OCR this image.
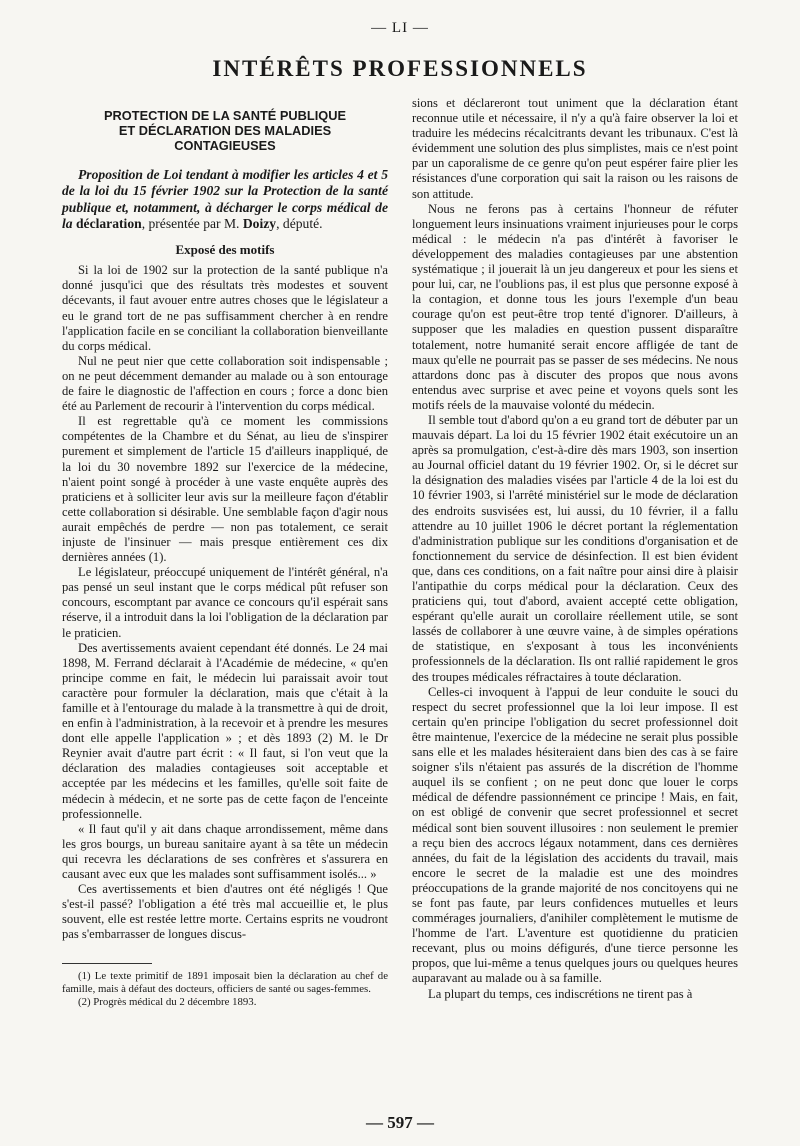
— LI —
INTÉRÊTS PROFESSIONNELS
PROTECTION DE LA SANTÉ PUBLIQUE
ET DÉCLARATION DES MALADIES
CONTAGIEUSES
Proposition de Loi tendant à modifier les articles 4 et 5 de la loi du 15 février 1902 sur la Protection de la santé publique et, notamment, à décharger le corps médical de la déclaration, présentée par M. Doizy, député.
Exposé des motifs

Si la loi de 1902 sur la protection de la santé publique n'a donné jusqu'ici que des résultats très modestes et souvent décevants, il faut avouer entre autres choses que le législateur a eu le grand tort de ne pas suffisamment chercher à en rendre l'application facile en se conciliant la collaboration bienveillante du corps médical.

Nul ne peut nier que cette collaboration soit indispensable ; on ne peut décemment demander au malade ou à son entourage de faire le diagnostic de l'affection en cours ; force a donc bien été au Parlement de recourir à l'intervention du corps médical.

Il est regrettable qu'à ce moment les commissions compétentes de la Chambre et du Sénat, au lieu de s'inspirer purement et simplement de l'article 15 d'ailleurs inappliqué, de la loi du 30 novembre 1892 sur l'exercice de la médecine, n'aient point songé à procéder à une vaste enquête auprès des praticiens et à solliciter leur avis sur la meilleure façon d'établir cette collaboration si désirable. Une semblable façon d'agir nous aurait empêchés de perdre — non pas totalement, ce serait injuste de l'insinuer — mais presque entièrement ces dix dernières années (1).

Le législateur, préoccupé uniquement de l'intérêt général, n'a pas pensé un seul instant que le corps médical pût refuser son concours, escomptant par avance ce concours qu'il espérait sans réserve, il a introduit dans la loi l'obligation de la déclaration par le praticien.

Des avertissements avaient cependant été donnés. Le 24 mai 1898, M. Ferrand déclarait à l'Académie de médecine, « qu'en principe comme en fait, le médecin lui paraissait avoir tout caractère pour formuler la déclaration, mais que c'était à la famille et à l'entourage du malade à la transmettre à qui de droit, en enfin à l'administration, à la recevoir et à prendre les mesures dont elle appelle l'application » ; et dès 1893 (2) M. le Dr Reynier avait d'autre part écrit : « Il faut, si l'on veut que la déclaration des maladies contagieuses soit acceptable et acceptée par les médecins et les familles, qu'elle soit faite de médecin à médecin, et ne sorte pas de cette façon de l'enceinte professionnelle.

« Il faut qu'il y ait dans chaque arrondissement, même dans les gros bourgs, un bureau sanitaire ayant à sa tête un médecin qui recevra les déclarations de ses confrères et s'assurera en causant avec eux que les malades sont suffisamment isolés... »

Ces avertissements et bien d'autres ont été négligés ! Que s'est-il passé? l'obligation a été très mal accueillie et, le plus souvent, elle est restée lettre morte. Certains esprits ne voudront pas s'embarrasser de longues discus-

(1) Le texte primitif de 1891 imposait bien la déclaration au chef de famille, mais à défaut des docteurs, officiers de santé ou sages-femmes.

(2) Progrès médical du 2 décembre 1893.

sions et déclareront tout uniment que la déclaration étant reconnue utile et nécessaire, il n'y a qu'à faire observer la loi et traduire les médecins récalcitrants devant les tribunaux. C'est là évidemment une solution des plus simplistes, mais ce n'est point par un caporalisme de ce genre qu'on peut espérer faire plier les résistances d'une corporation qui sait la raison ou les raisons de son attitude.

Nous ne ferons pas à certains l'honneur de réfuter longuement leurs insinuations vraiment injurieuses pour le corps médical : le médecin n'a pas d'intérêt à favoriser le développement des maladies contagieuses par une abstention systématique ; il jouerait là un jeu dangereux et pour les siens et pour lui, car, ne l'oublions pas, il est plus que personne exposé à la contagion, et donne tous les jours l'exemple d'un beau courage qu'on est peut-être trop tenté d'ignorer. D'ailleurs, à supposer que les maladies en question pussent disparaître totalement, notre humanité serait encore affligée de tant de maux qu'elle ne pourrait pas se passer de ses médecins. Ne nous attardons donc pas à discuter des propos que nous avons entendus avec surprise et avec peine et voyons quels sont les motifs réels de la mauvaise volonté du médecin.

Il semble tout d'abord qu'on a eu grand tort de débuter par un mauvais départ. La loi du 15 février 1902 était exécutoire un an après sa promulgation, c'est-à-dire dès mars 1903, son insertion au Journal officiel datant du 19 février 1902. Or, si le décret sur la désignation des maladies visées par l'article 4 de la loi est du 10 février 1903, si l'arrêté ministériel sur le mode de déclaration des endroits susvisées est, lui aussi, du 10 février, il a fallu attendre au 10 juillet 1906 le décret portant la réglementation d'administration publique sur les conditions d'organisation et de fonctionnement du service de désinfection. Il est bien évident que, dans ces conditions, on a fait naître pour ainsi dire à plaisir l'antipathie du corps médical pour la déclaration. Ceux des praticiens qui, tout d'abord, avaient accepté cette obligation, espérant qu'elle aurait un corollaire réellement utile, se sont lassés de collaborer à une œuvre vaine, à de simples opérations de statistique, en s'exposant à tous les inconvénients professionnels de la déclaration. Ils ont rallié rapidement le gros des troupes médicales réfractaires à toute déclaration.

Celles-ci invoquent à l'appui de leur conduite le souci du respect du secret professionnel que la loi leur impose. Il est certain qu'en principe l'obligation du secret professionnel doit être maintenue, l'exercice de la médecine ne serait plus possible sans elle et les malades hésiteraient dans bien des cas à se faire soigner s'ils n'étaient pas assurés de la discrétion de l'homme auquel ils se confient ; on ne peut donc que louer le corps médical de défendre passionnément ce principe ! Mais, en fait, on est obligé de convenir que secret professionnel et secret médical sont bien souvent illusoires : non seulement le premier a reçu bien des accrocs légaux notamment, dans ces dernières années, du fait de la législation des accidents du travail, mais encore le secret de la maladie est une des moindres préoccupations de la grande majorité de nos concitoyens qui ne se font pas faute, par leurs confidences mutuelles et leurs commérages journaliers, d'anihiler complètement le mutisme de l'homme de l'art. L'aventure est quotidienne du praticien recevant, plus ou moins défigurés, d'une tierce personne les propos, que lui-même a tenus quelques jours ou quelques heures auparavant au malade ou à sa famille.

La plupart du temps, ces indiscrétions ne tirent pas à

— 597 —
